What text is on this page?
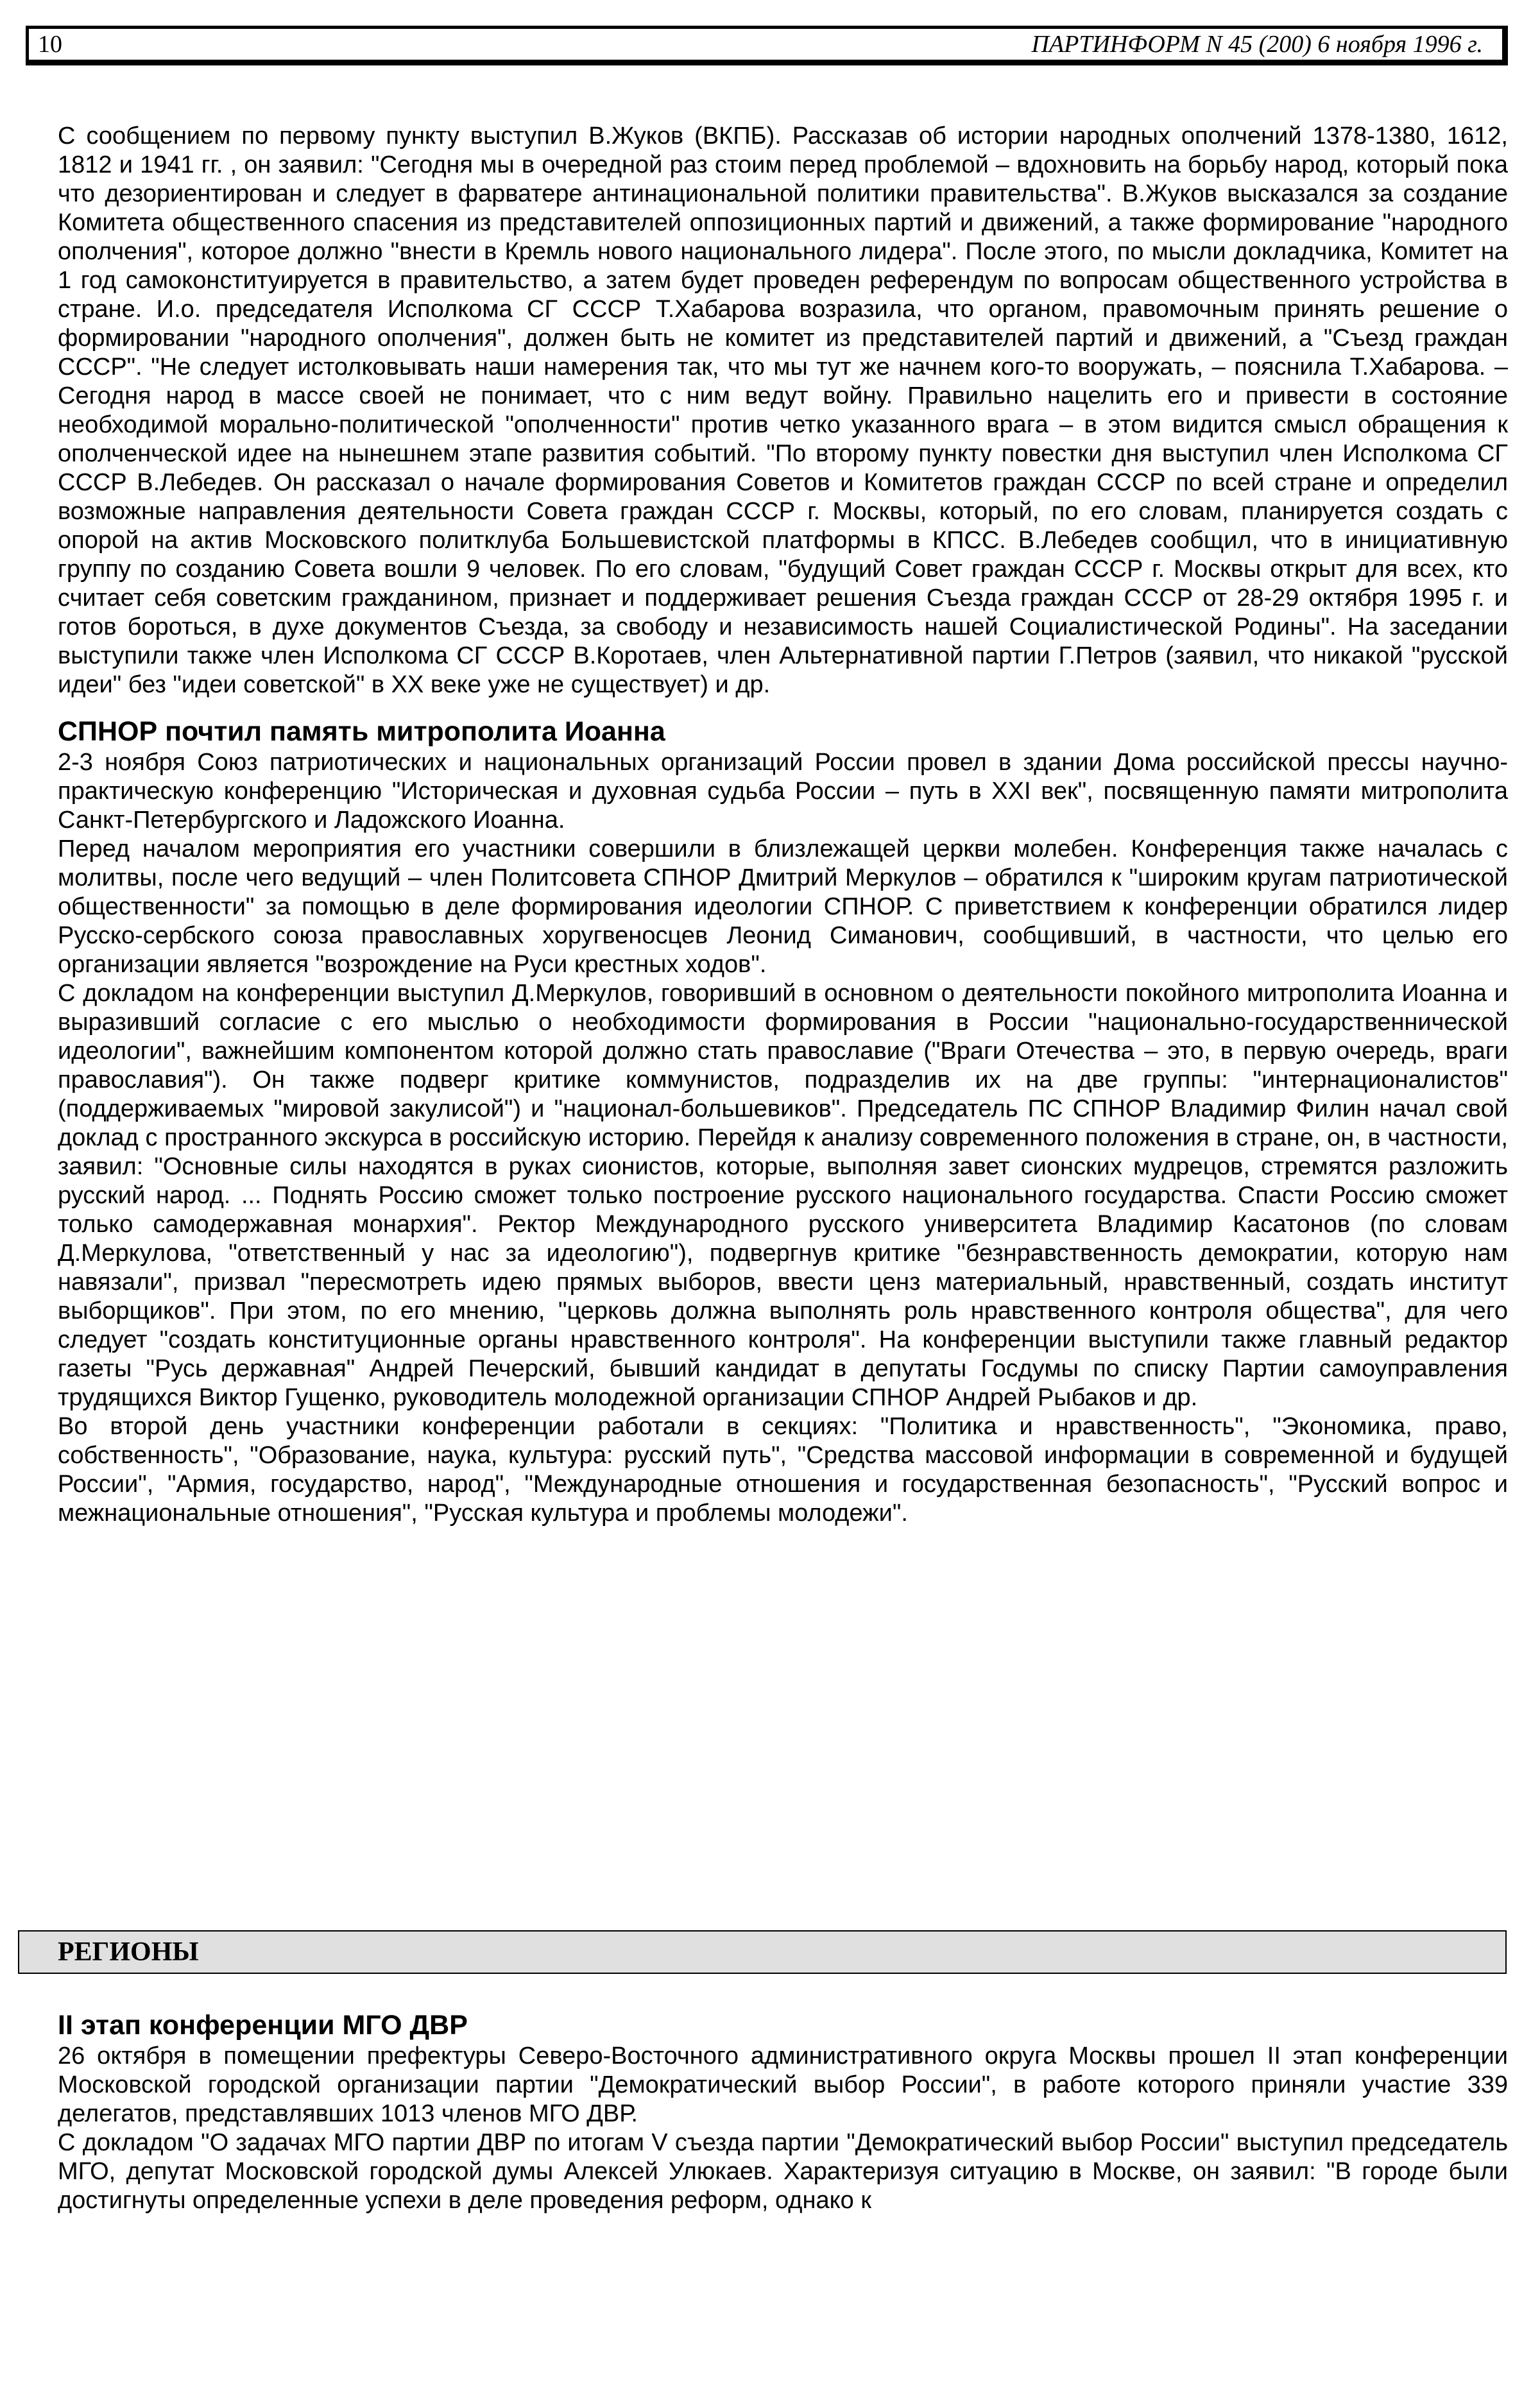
10	ПАРТИНФОРМ N 45 (200) 6 ноября 1996 г.

С сообщением по первому пункту выступил В.Жуков (ВКПБ). Рассказав об истории народных ополчений 1378-1380, 1612, 1812 и 1941 гг. , он заявил: "Сегодня мы в очередной раз стоим перед проблемой – вдохновить на борьбу народ, который пока что дезориентирован и следует в фарватере антинациональной политики правительства". В.Жуков высказался за создание Комитета общественного спасения из представителей оппозиционных партий и движений, а также формирование "народного ополчения", которое должно "внести в Кремль нового национального лидера". После этого, по мысли докладчика, Комитет на 1 год самоконституируется в правительство, а затем будет проведен референдум по вопросам общественного устройства в стране. И.о. председателя Исполкома СГ СССР Т.Хабарова возразила, что органом, правомочным принять решение о формировании "народного ополчения", должен быть не комитет из представителей партий и движений, а "Съезд граждан СССР". "Не следует истолковывать наши намерения так, что мы тут же начнем кого-то вооружать, – пояснила Т.Хабарова. – Сегодня народ в массе своей не понимает, что с ним ведут войну. Правильно нацелить его и привести в состояние необходимой морально-политической "ополченности" против четко указанного врага – в этом видится смысл обращения к ополченческой идее на нынешнем этапе развития событий. "По второму пункту повестки дня выступил член Исполкома СГ СССР В.Лебедев. Он рассказал о начале формирования Советов и Комитетов граждан СССР по всей стране и определил возможные направления деятельности Совета граждан СССР г. Москвы, который, по его словам, планируется создать с опорой на актив Московского политклуба Большевистской платформы в КПСС. В.Лебедев сообщил, что в инициативную группу по созданию Совета вошли 9 человек. По его словам, "будущий Совет граждан СССР г. Москвы открыт для всех, кто считает себя советским гражданином, признает и поддерживает решения Съезда граждан СССР от 28-29 октября 1995 г. и готов бороться, в духе документов Съезда, за свободу и независимость нашей Социалистической Родины". На заседании выступили также член Исполкома СГ СССР В.Коротаев, член Альтернативной партии Г.Петров (заявил, что никакой "русской идеи" без "идеи советской" в XX веке уже не существует) и др.

СПНОР почтил память митрополита Иоанна

2-3 ноября Союз патриотических и национальных организаций России провел в здании Дома российской прессы научно-практическую конференцию "Историческая и духовная судьба России – путь в XXI век", посвященную памяти митрополита Санкт-Петербургского и Ладожского Иоанна.

Перед началом мероприятия его участники совершили в близлежащей церкви молебен. Конференция также началась с молитвы, после чего ведущий – член Политсовета СПНОР Дмитрий Меркулов – обратился к "широким кругам патриотической общественности" за помощью в деле формирования идеологии СПНОР. С приветствием к конференции обратился лидер Русско-сербского союза православных хоругвеносцев Леонид Симанович, сообщивший, в частности, что целью его организации является "возрождение на Руси крестных ходов".

С докладом на конференции выступил Д.Меркулов, говоривший в основном о деятельности покойного митрополита Иоанна и выразивший согласие с его мыслью о необходимости формирования в России "национально-государственнической идеологии", важнейшим компонентом которой должно стать православие ("Враги Отечества – это, в первую очередь, враги православия"). Он также подверг критике коммунистов, подразделив их на две группы: "интернационалистов" (поддерживаемых "мировой закулисой") и "национал-большевиков". Председатель ПС СПНОР Владимир Филин начал свой доклад с пространного экскурса в российскую историю. Перейдя к анализу современного положения в стране, он, в частности, заявил: "Основные силы находятся в руках сионистов, которые, выполняя завет сионских мудрецов, стремятся разложить русский народ. ... Поднять Россию сможет только построение русского национального государства. Спасти Россию сможет только самодержавная монархия". Ректор Международного русского университета Владимир Касатонов (по словам Д.Меркулова, "ответственный у нас за идеологию"), подвергнув критике "безнравственность демократии, которую нам навязали", призвал "пересмотреть идею прямых выборов, ввести ценз материальный, нравственный, создать институт выборщиков". При этом, по его мнению, "церковь должна выполнять роль нравственного контроля общества", для чего следует "создать конституционные органы нравственного контроля". На конференции выступили также главный редактор газеты "Русь державная" Андрей Печерский, бывший кандидат в депутаты Госдумы по списку Партии самоуправления трудящихся Виктор Гущенко, руководитель молодежной организации СПНОР Андрей Рыбаков и др.

Во второй день участники конференции работали в секциях: "Политика и нравственность", "Экономика, право, собственность", "Образование, наука, культура: русский путь", "Средства массовой информации в современной и будущей России", "Армия, государство, народ", "Международные отношения и государственная безопасность", "Русский вопрос и межнациональные отношения", "Русская культура и проблемы молодежи".

РЕГИОНЫ
II этап конференции МГО ДВР

26 октября в помещении префектуры Северо-Восточного административного округа Москвы прошел II этап конференции Московской городской организации партии "Демократический выбор России", в работе которого приняли участие 339 делегатов, представлявших 1013 членов МГО ДВР.

С докладом "О задачах МГО партии ДВР по итогам V съезда партии "Демократический выбор России" выступил председатель МГО, депутат Московской городской думы Алексей Улюкаев. Характеризуя ситуацию в Москве, он заявил: "В городе были достигнуты определенные успехи в деле проведения реформ, однако к
